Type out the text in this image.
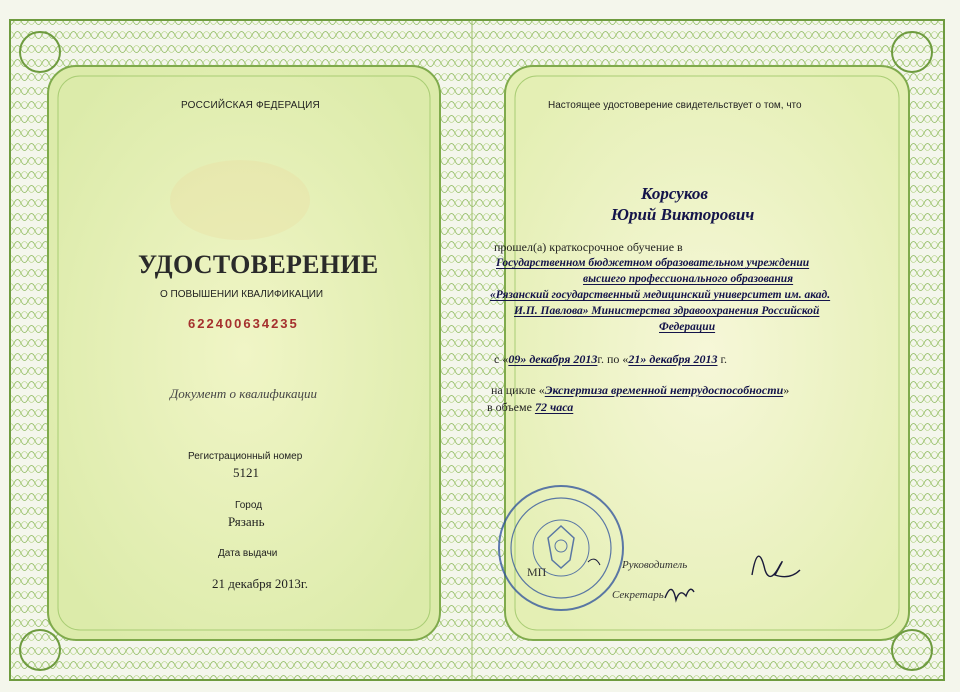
РОССИЙСКАЯ ФЕДЕРАЦИЯ
УДОСТОВЕРЕНИЕ
О ПОВЫШЕНИИ КВАЛИФИКАЦИИ
622400634235
Документ о квалификации
Регистрационный номер
5121
Город
Рязань
Дата выдачи
21 декабря 2013г.
Настоящее удостоверение свидетельствует о том, что
Корсуков
Юрий Викторович
прошел(а) краткосрочное обучение в
Государственном бюджетном образовательном учреждении
высшего профессионального образования
«Рязанский государственный медицинский университет им. акад.
И.П. Павлова» Министерства здравоохранения Российской
Федерации
с «09» декабря 2013г. по «21» декабря 2013 г.
на цикле «Экспертиза временной нетрудоспособности»
в объеме 72 часа
Руководитель
Секретарь
МП
